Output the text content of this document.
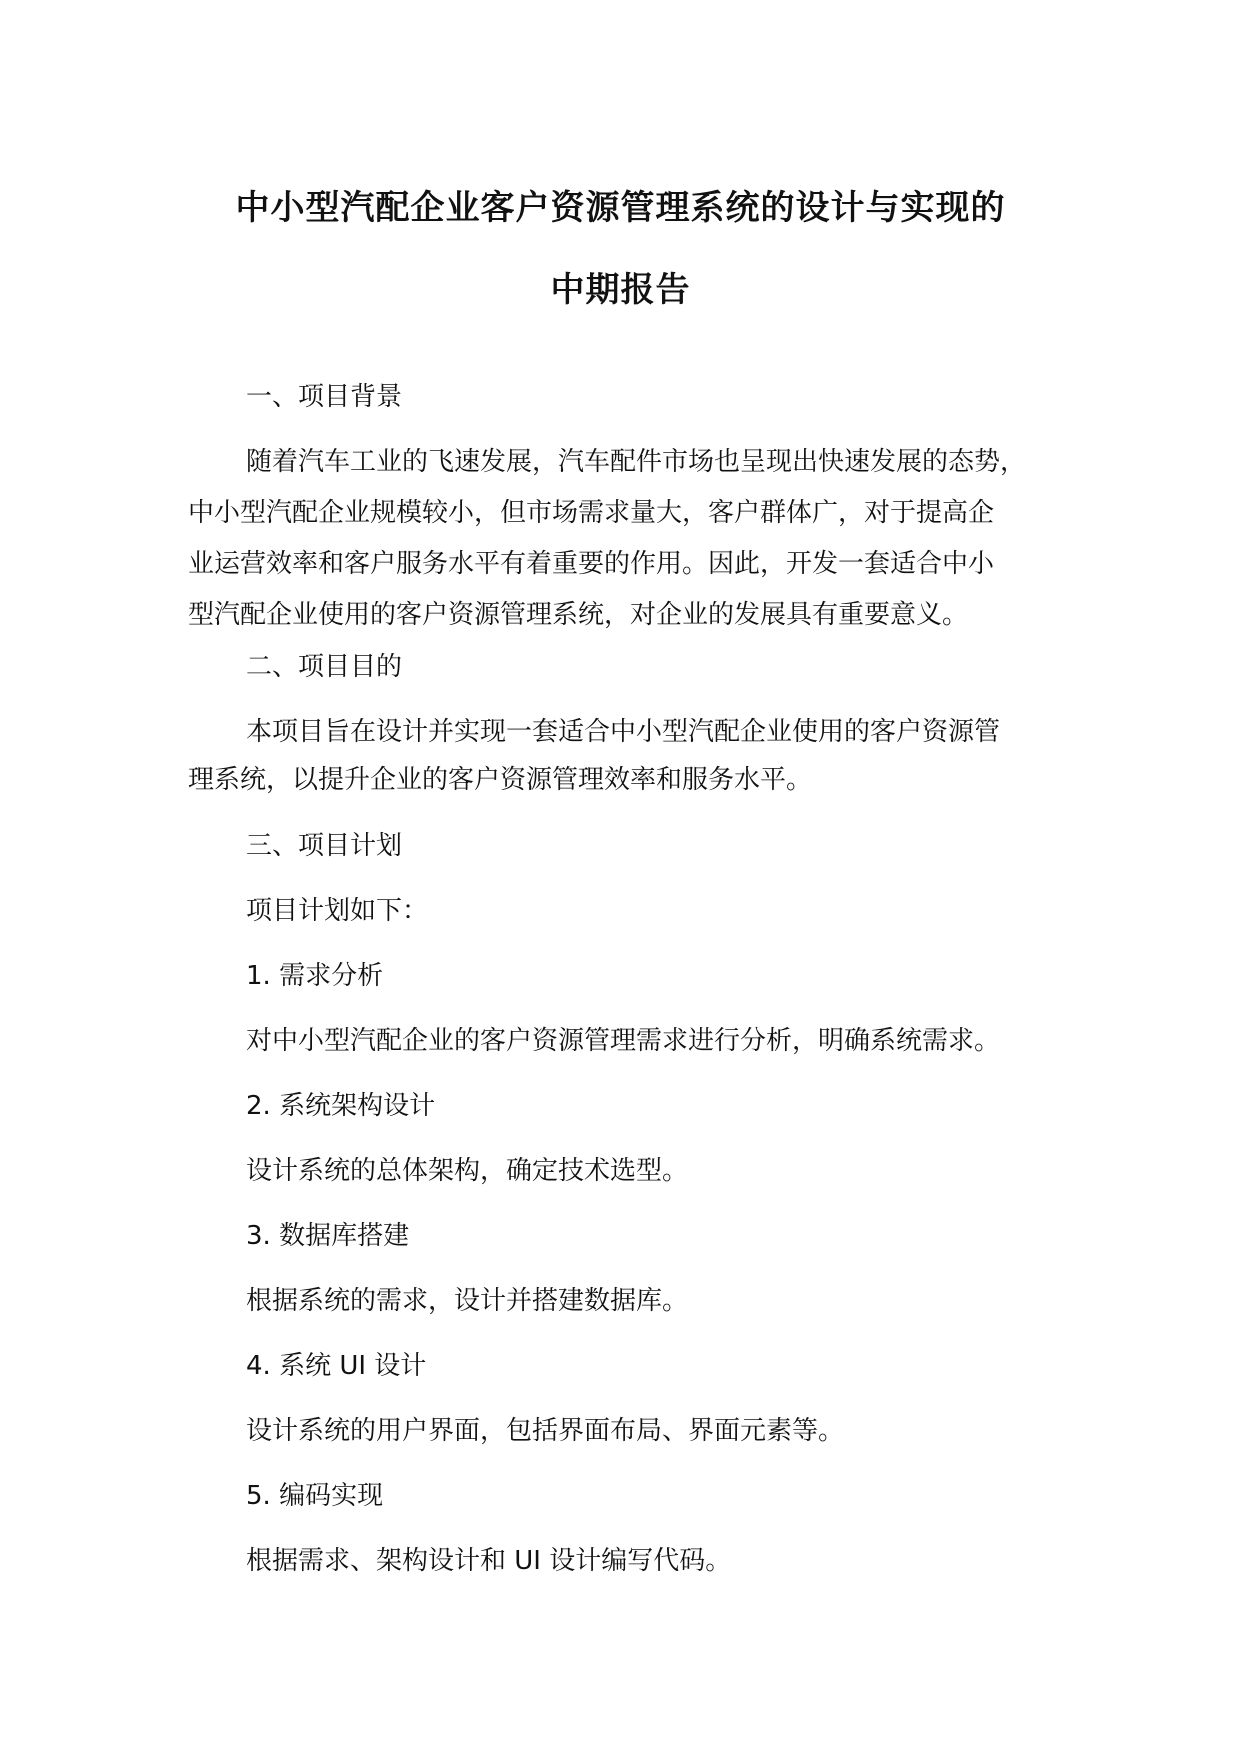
中小型汽配企业客户资源管理系统的设计与实现的
中期报告
一、项目背景
随着汽车工业的飞速发展，汽车配件市场也呈现出快速发展的态势，
中小型汽配企业规模较小，但市场需求量大，客户群体广，对于提高企
业运营效率和客户服务水平有着重要的作用。因此，开发一套适合中小
型汽配企业使用的客户资源管理系统，对企业的发展具有重要意义。
二、项目目的
本项目旨在设计并实现一套适合中小型汽配企业使用的客户资源管
理系统，以提升企业的客户资源管理效率和服务水平。
三、项目计划
项目计划如下：
1. 需求分析
对中小型汽配企业的客户资源管理需求进行分析，明确系统需求。
2. 系统架构设计
设计系统的总体架构，确定技术选型。
3. 数据库搭建
根据系统的需求，设计并搭建数据库。
4. 系统 UI 设计
设计系统的用户界面，包括界面布局、界面元素等。
5. 编码实现
根据需求、架构设计和 UI 设计编写代码。
